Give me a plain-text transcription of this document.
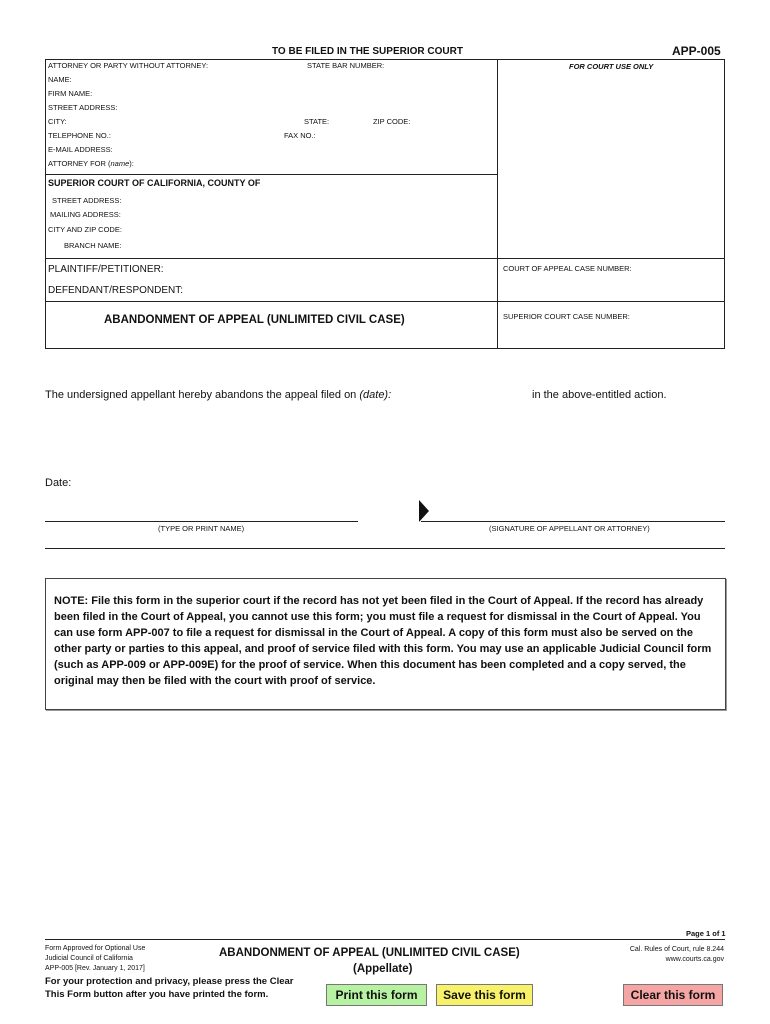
TO BE FILED IN THE SUPERIOR COURT	APP-005
ATTORNEY OR PARTY WITHOUT ATTORNEY:	STATE BAR NUMBER:
NAME:
FIRM NAME:
STREET ADDRESS:
CITY:	STATE:	ZIP CODE:
TELEPHONE NO.:	FAX NO.:
E-MAIL ADDRESS:
ATTORNEY FOR (name):
FOR COURT USE ONLY
SUPERIOR COURT OF CALIFORNIA, COUNTY OF
STREET ADDRESS:
MAILING ADDRESS:
CITY AND ZIP CODE:
BRANCH NAME:
PLAINTIFF/PETITIONER:
DEFENDANT/RESPONDENT:
COURT OF APPEAL CASE NUMBER:
SUPERIOR COURT CASE NUMBER:
ABANDONMENT OF APPEAL (UNLIMITED CIVIL CASE)
The undersigned appellant hereby abandons the appeal filed on (date):	in the above-entitled action.
Date:
(TYPE OR PRINT NAME)	(SIGNATURE OF APPELLANT OR ATTORNEY)
NOTE: File this form in the superior court if the record has not yet been filed in the Court of Appeal. If the record has already been filed in the Court of Appeal, you cannot use this form; you must file a request for dismissal in the Court of Appeal. You can use form APP-007 to file a request for dismissal in the Court of Appeal. A copy of this form must also be served on the other party or parties to this appeal, and proof of service filed with this form. You may use an applicable Judicial Council form (such as APP-009 or APP-009E) for the proof of service. When this document has been completed and a copy served, the original may then be filed with the court with proof of service.
Page 1 of 1
Form Approved for Optional Use
Judicial Council of California
APP-005 [Rev. January 1, 2017]
ABANDONMENT OF APPEAL (UNLIMITED CIVIL CASE)
(Appellate)
Cal. Rules of Court, rule 8.244
www.courts.ca.gov
For your protection and privacy, please press the Clear
This Form button after you have printed the form.	Print this form	Save this form	Clear this form
